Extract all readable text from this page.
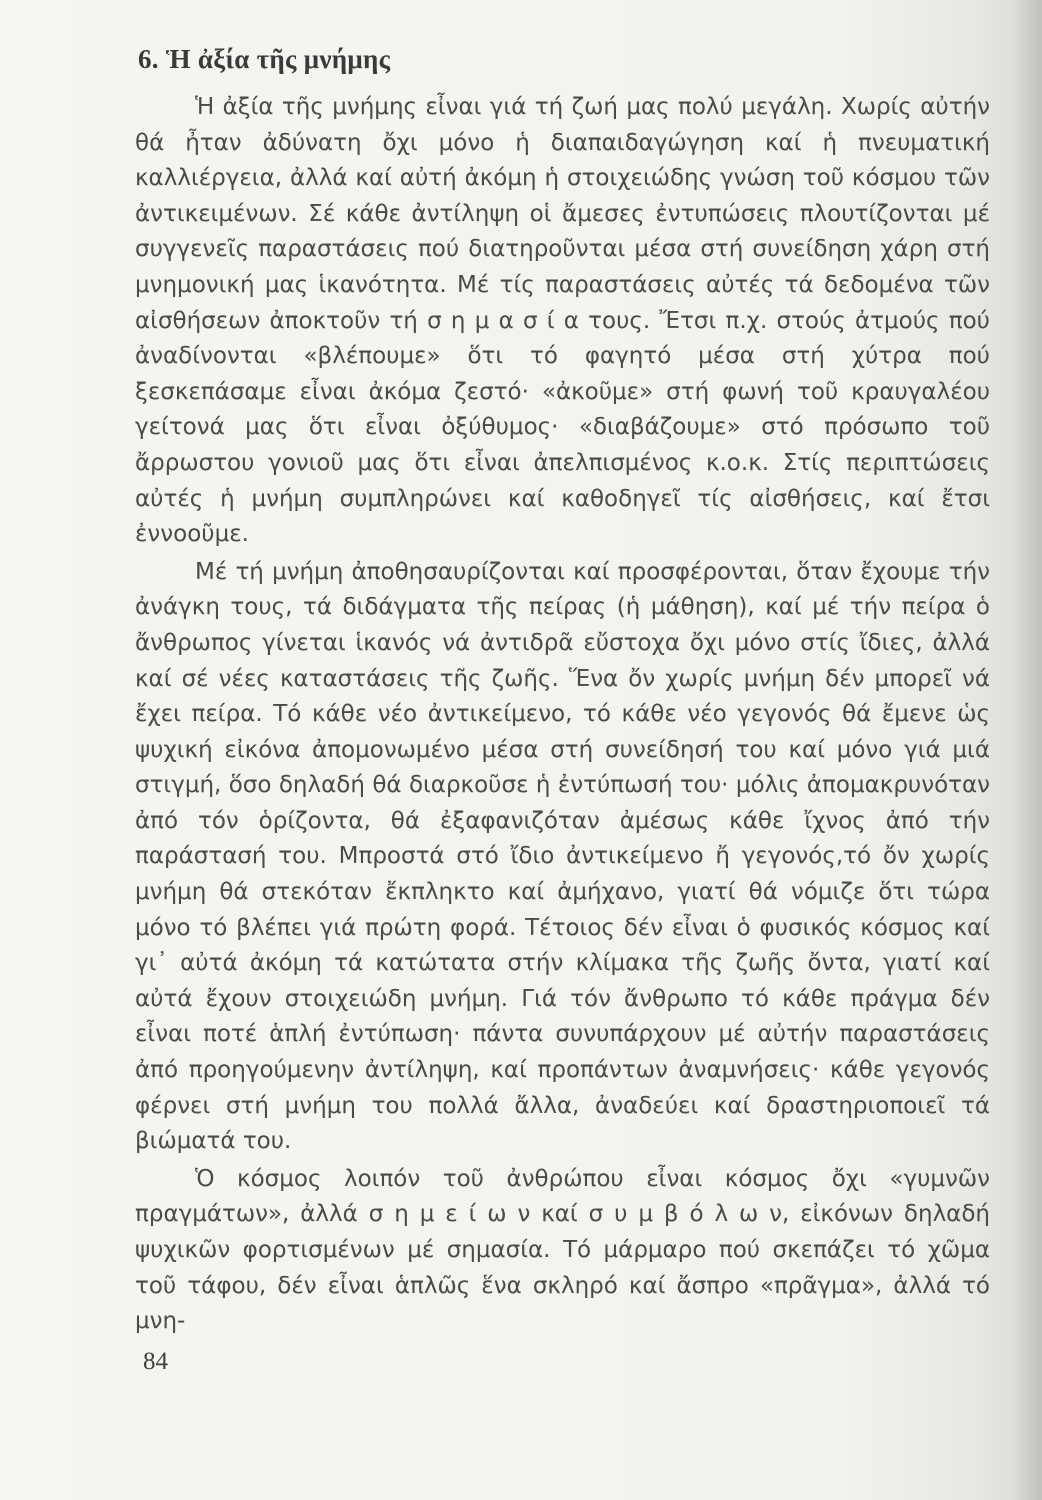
6. Ἡ ἀξία τῆς μνήμης

Ἡ ἀξία τῆς μνήμης εἶναι γιά τή ζωή μας πολύ μεγάλη. Χωρίς αὐτήν θά ἦταν ἀδύνατη ὄχι μόνο ἡ διαπαιδαγώγηση καί ἡ πνευματική καλλιέργεια, ἀλλά καί αὐτή ἀκόμη ἡ στοιχειώδης γνώση τοῦ κόσμου τῶν ἀντικειμένων. Σέ κάθε ἀντίληψη οἱ ἄμεσες ἐντυπώσεις πλουτίζονται μέ συγγενεῖς παραστάσεις πού διατηροῦνται μέσα στή συνείδηση χάρη στή μνημονική μας ἱκανότητα. Μέ τίς παραστάσεις αὐτές τά δεδομένα τῶν αἰσθήσεων ἀποκτοῦν τή σ η μ α σ ί α τους. Ἔτσι π.χ. στούς ἀτμούς πού ἀναδίνονται «βλέπουμε» ὅτι τό φαγητό μέσα στή χύτρα πού ξεσκεπάσαμε εἶναι ἀκόμα ζεστό· «ἀκοῦμε» στή φωνή τοῦ κραυγαλέου γείτονά μας ὅτι εἶναι ὀξύθυμος· «διαβάζουμε» στό πρόσωπο τοῦ ἄρρωστου γονιοῦ μας ὅτι εἶναι ἀπελπισμένος κ.ο.κ. Στίς περιπτώσεις αὐτές ἡ μνήμη συμπληρώνει καί καθοδηγεῖ τίς αἰσθήσεις, καί ἔτσι ἐννοοῦμε.

Μέ τή μνήμη ἀποθησαυρίζονται καί προσφέρονται, ὅταν ἔχουμε τήν ἀνάγκη τους, τά διδάγματα τῆς πείρας (ἡ μάθηση), καί μέ τήν πείρα ὁ ἄνθρωπος γίνεται ἱκανός νά ἀντιδρᾶ εὔστοχα ὄχι μόνο στίς ἴδιες, ἀλλά καί σέ νέες καταστάσεις τῆς ζωῆς. Ἕνα ὄν χωρίς μνήμη δέν μπορεῖ νά ἔχει πείρα. Τό κάθε νέο ἀντικείμενο, τό κάθε νέο γεγονός θά ἔμενε ὡς ψυχική εἰκόνα ἀπομονωμένο μέσα στή συνείδησή του καί μόνο γιά μιά στιγμή, ὅσο δηλαδή θά διαρκοῦσε ἡ ἐντύπωσή του· μόλις ἀπομακρυνόταν ἀπό τόν ὁρίζοντα, θά ἐξαφανιζόταν ἀμέσως κάθε ἴχνος ἀπό τήν παράστασή του. Μπροστά στό ἴδιο ἀντικείμενο ἤ γεγονός,τό ὄν χωρίς μνήμη θά στεκόταν ἔκπληκτο καί ἀμήχανο, γιατί θά νόμιζε ὅτι τώρα μόνο τό βλέπει γιά πρώτη φορά. Τέτοιος δέν εἶναι ὁ φυσικός κόσμος καί γι᾽ αὐτά ἀκόμη τά κατώτατα στήν κλίμακα τῆς ζωῆς ὄντα, γιατί καί αὐτά ἔχουν στοιχειώδη μνήμη. Γιά τόν ἄνθρωπο τό κάθε πράγμα δέν εἶναι ποτέ ἁπλή ἐντύπωση· πάντα συνυπάρχουν μέ αὐτήν παραστάσεις ἀπό προηγούμενην ἀντίληψη, καί προπάντων ἀναμνήσεις· κάθε γεγονός φέρνει στή μνήμη του πολλά ἄλλα, ἀναδεύει καί δραστηριοποιεῖ τά βιώματά του.

Ὁ κόσμος λοιπόν τοῦ ἀνθρώπου εἶναι κόσμος ὄχι «γυμνῶν πραγμάτων», ἀλλά σ η μ ε ί ω ν καί σ υ μ β ό λ ω ν, εἰκόνων δηλαδή ψυχικῶν φορτισμένων μέ σημασία. Τό μάρμαρο πού σκεπάζει τό χῶμα τοῦ τάφου, δέν εἶναι ἁπλῶς ἕνα σκληρό καί ἄσπρο «πρᾶγμα», ἀλλά τό μνη-

84
